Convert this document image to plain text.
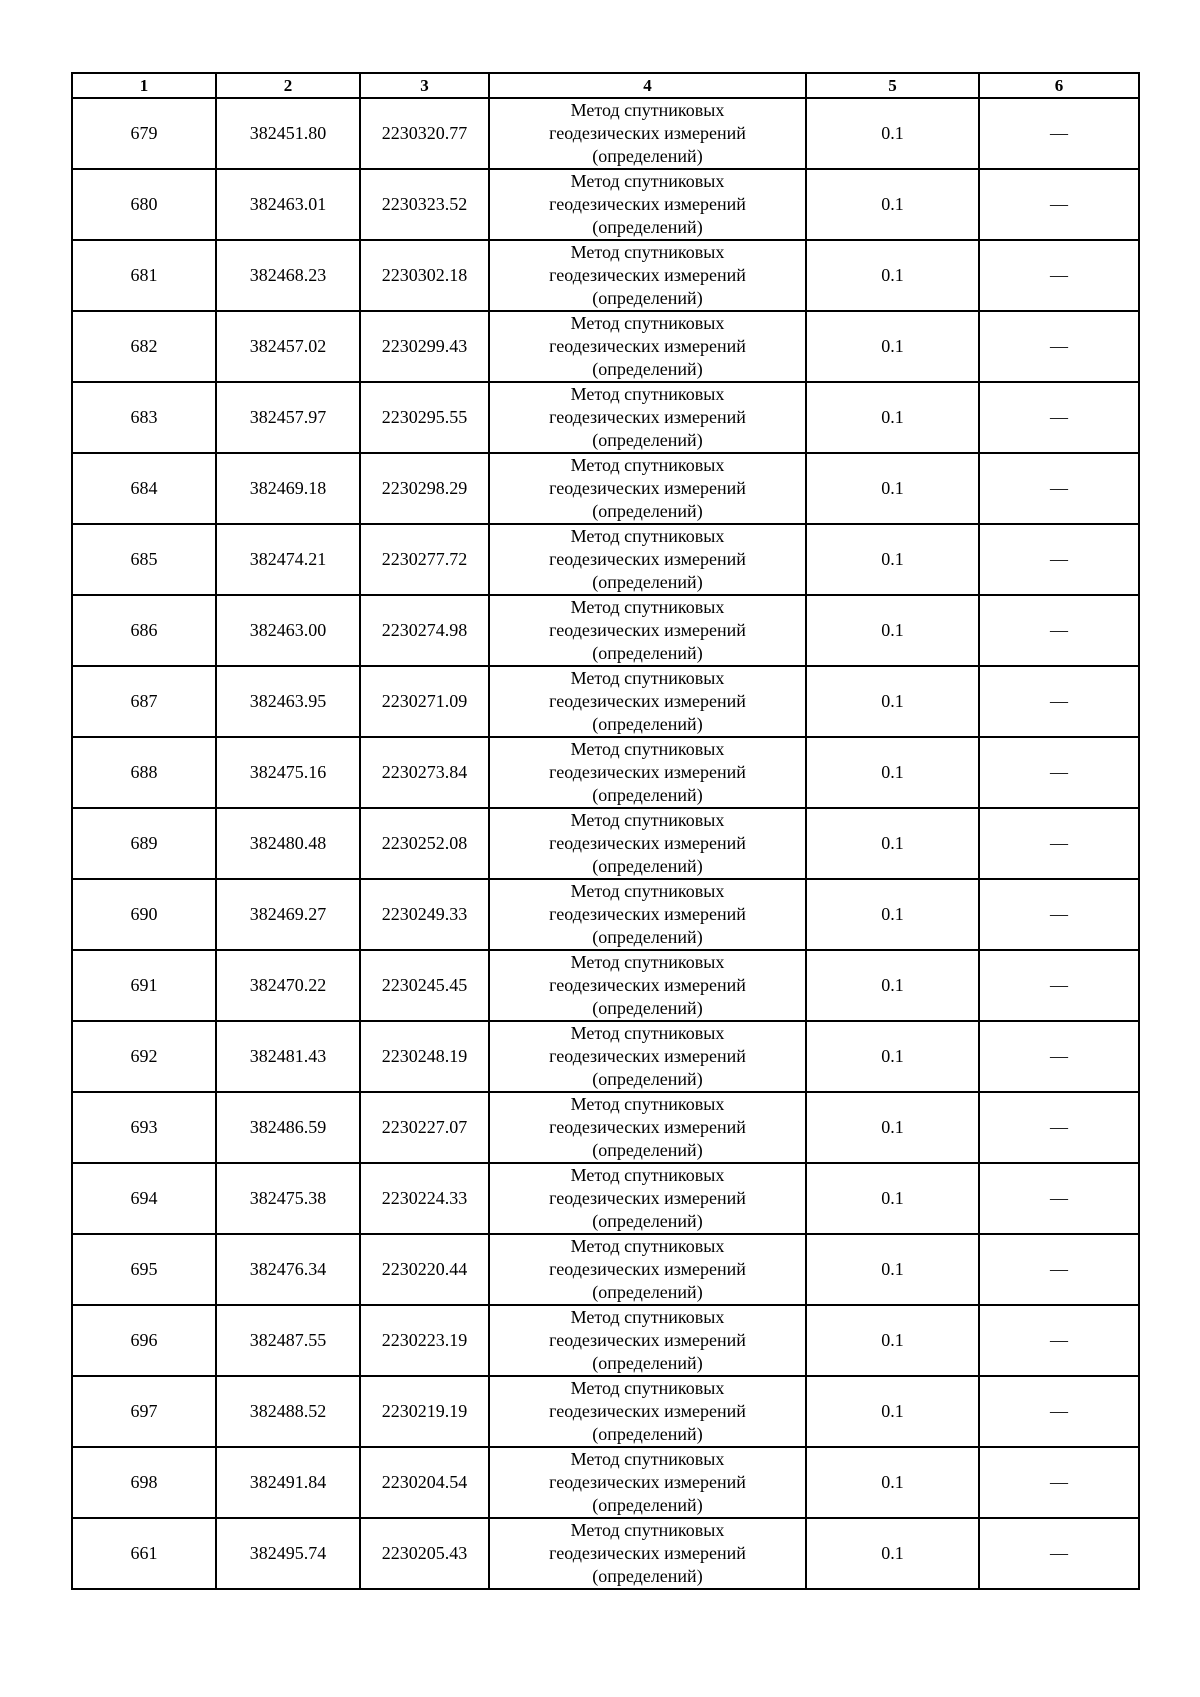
1	2	3	4	5	6
679	382451.80	2230320.77	Метод спутниковых
геодезических измерений
(определений)	0.1	—
680	382463.01	2230323.52	Метод спутниковых
геодезических измерений
(определений)	0.1	—
681	382468.23	2230302.18	Метод спутниковых
геодезических измерений
(определений)	0.1	—
682	382457.02	2230299.43	Метод спутниковых
геодезических измерений
(определений)	0.1	—
683	382457.97	2230295.55	Метод спутниковых
геодезических измерений
(определений)	0.1	—
684	382469.18	2230298.29	Метод спутниковых
геодезических измерений
(определений)	0.1	—
685	382474.21	2230277.72	Метод спутниковых
геодезических измерений
(определений)	0.1	—
686	382463.00	2230274.98	Метод спутниковых
геодезических измерений
(определений)	0.1	—
687	382463.95	2230271.09	Метод спутниковых
геодезических измерений
(определений)	0.1	—
688	382475.16	2230273.84	Метод спутниковых
геодезических измерений
(определений)	0.1	—
689	382480.48	2230252.08	Метод спутниковых
геодезических измерений
(определений)	0.1	—
690	382469.27	2230249.33	Метод спутниковых
геодезических измерений
(определений)	0.1	—
691	382470.22	2230245.45	Метод спутниковых
геодезических измерений
(определений)	0.1	—
692	382481.43	2230248.19	Метод спутниковых
геодезических измерений
(определений)	0.1	—
693	382486.59	2230227.07	Метод спутниковых
геодезических измерений
(определений)	0.1	—
694	382475.38	2230224.33	Метод спутниковых
геодезических измерений
(определений)	0.1	—
695	382476.34	2230220.44	Метод спутниковых
геодезических измерений
(определений)	0.1	—
696	382487.55	2230223.19	Метод спутниковых
геодезических измерений
(определений)	0.1	—
697	382488.52	2230219.19	Метод спутниковых
геодезических измерений
(определений)	0.1	—
698	382491.84	2230204.54	Метод спутниковых
геодезических измерений
(определений)	0.1	—
661	382495.74	2230205.43	Метод спутниковых
геодезических измерений
(определений)	0.1	—
